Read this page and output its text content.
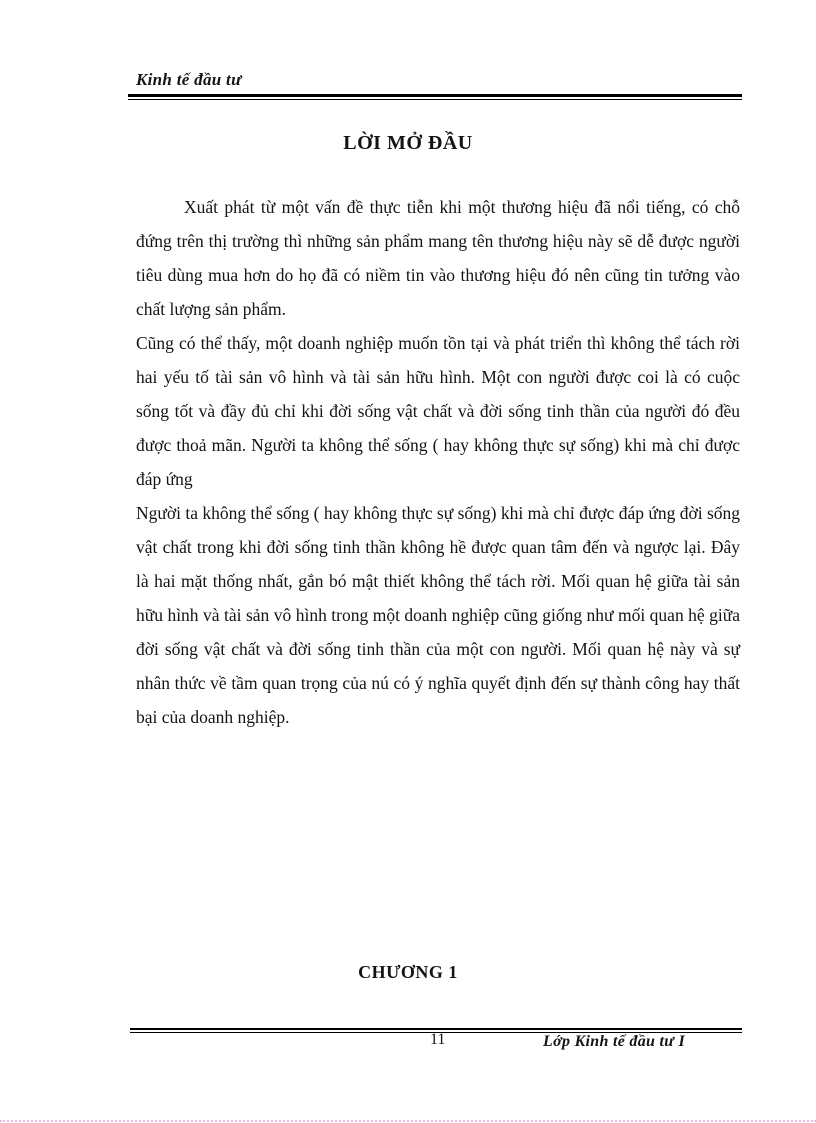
Kinh tế đầu tư
LỜI MỞ ĐẦU

Xuất phát từ một vấn đề thực tiễn khi một thương hiệu đã nổi tiếng, có chỗ đứng trên thị trường thì những sản phẩm mang tên thương hiệu này sẽ dễ được người tiêu dùng mua hơn do họ đã có niềm tin vào thương hiệu đó nên cũng tin tưởng vào chất lượng sản phẩm.

Cũng có thể thấy, một doanh nghiệp muốn tồn tại và phát triển thì không thể tách rời hai yếu tố tài sản vô hình và tài sản hữu hình. Một con người được coi là có cuộc sống tốt và đầy đủ chỉ khi đời sống vật chất và đời sống tinh thần của người đó đều được thoả mãn. Người ta không thể sống ( hay không thực sự sống) khi mà chỉ được đáp ứng

Người ta không thể sống ( hay không thực sự sống) khi mà chỉ được đáp ứng đời sống vật chất trong khi đời sống tinh thần không hề được quan tâm đến và ngược lại. Đây là hai mặt thống nhất, gắn bó mật thiết không thể tách rời. Mối quan hệ giữa tài sản hữu hình và tài sản vô hình trong một doanh nghiệp cũng giống như mối quan hệ giữa đời sống vật chất và đời sống tinh thần của một con người. Mối quan hệ này và sự nhân thức về tầm quan trọng của nú có ý nghĩa quyết định đến sự thành công hay thất bại của doanh nghiệp.

CHƯƠNG 1
11	Lớp Kinh tế đầu tư I
